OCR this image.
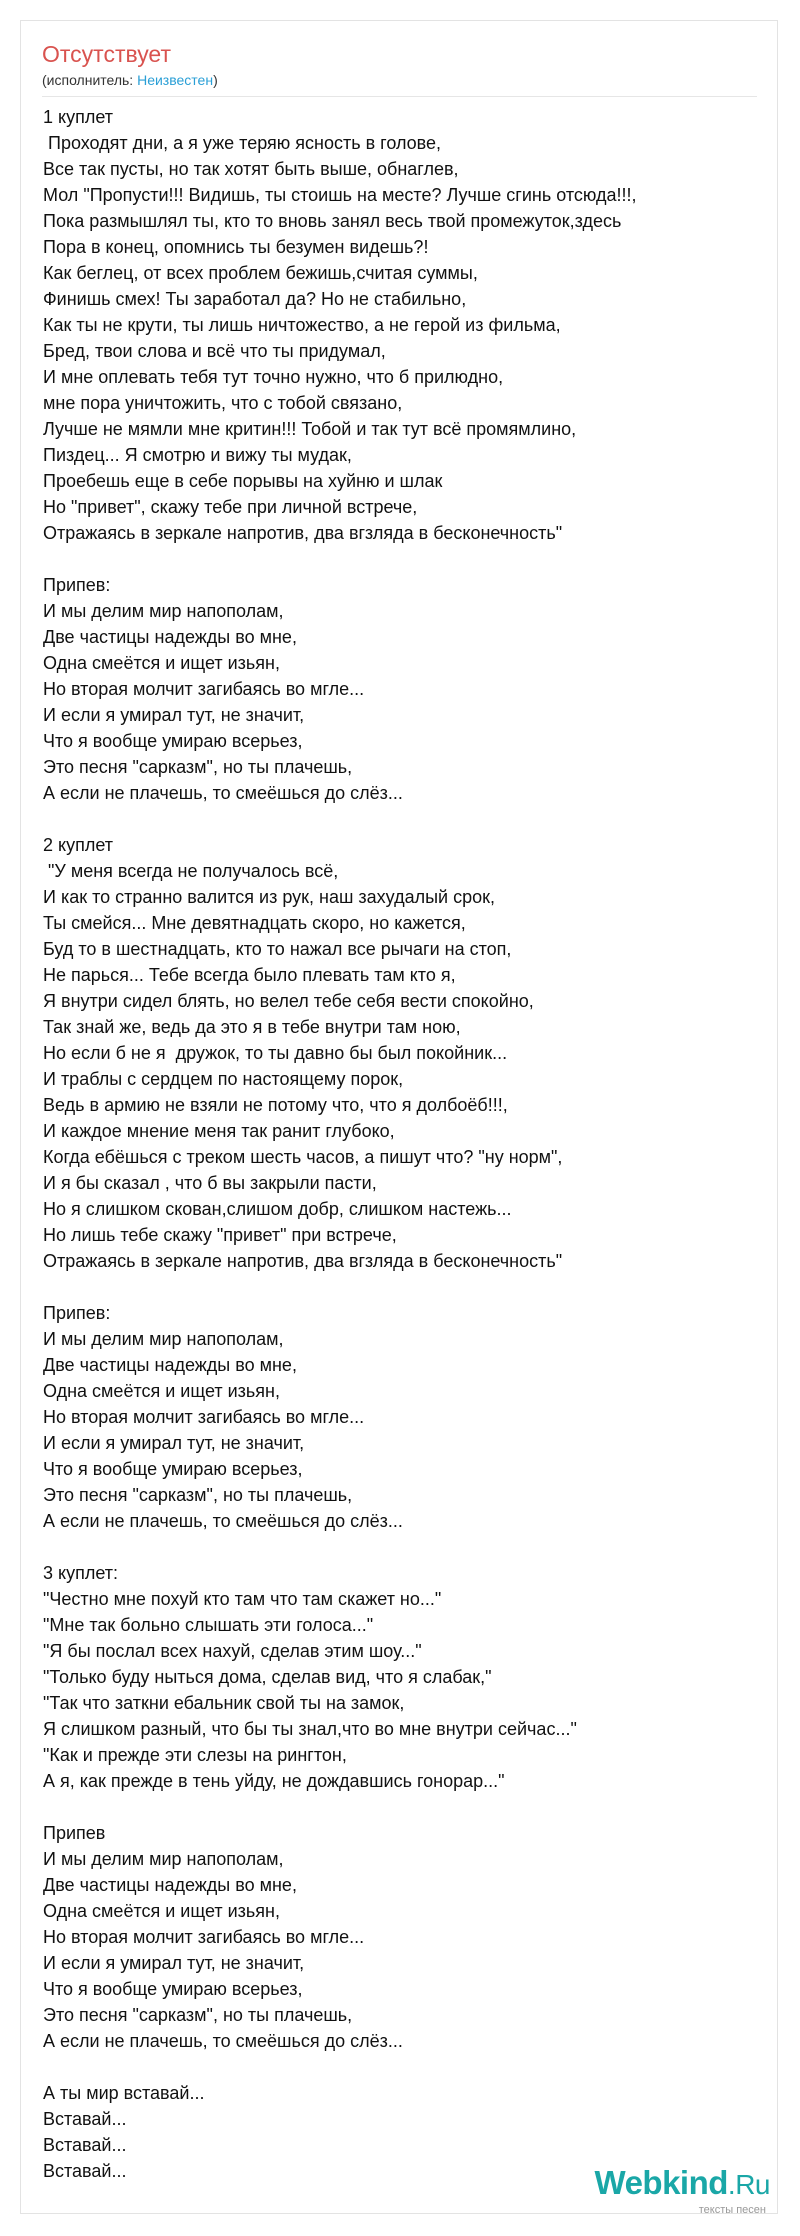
Отсутствует
(исполнитель: Неизвестен)
1 куплет
Проходят дни, а я уже теряю ясность в голове,
Все так пусты, но так хотят быть выше, обнаглев,
Мол "Пропусти!!! Видишь, ты стоишь на месте? Лучше сгинь отсюда!!!,
Пока размышлял ты, кто то вновь занял весь твой промежуток,здесь
Пора в конец, опомнись ты безумен видешь?!
Как беглец, от всех проблем бежишь,считая суммы,
Финишь смех! Ты заработал да? Но не стабильно,
Как ты не крути, ты лишь ничтожество, а не герой из фильма,
Бред, твои слова и всё что ты придумал,
И мне оплевать тебя тут точно нужно, что б прилюдно,
мне пора уничтожить, что с тобой связано,
Лучше не мямли мне критин!!! Тобой и так тут всё промямлино,
Пиздец... Я смотрю и вижу ты мудак,
Проебешь еще в себе порывы на хуйню и шлак
Но "привет", скажу тебе при личной встрече,
Отражаясь в зеркале напротив, два вгзляда в бесконечность"
Припев:
И мы делим мир напополам,
Две частицы надежды во мне,
Одна смеётся и ищет изьян,
Но вторая молчит загибаясь во мгле...
И если я умирал тут, не значит,
Что я вообще умираю всерьез,
Это песня "сарказм", но ты плачешь,
А если не плачешь, то смеёшься до слёз...
2 куплет
"У меня всегда не получалось всё,
И как то странно валится из рук, наш захудалый срок,
Ты смейся... Мне девятнадцать скоро, но кажется,
Буд то в шестнадцать, кто то нажал все рычаги на стоп,
Не парься... Тебе всегда было плевать там кто я,
Я внутри сидел блять, но велел тебе себя вести спокойно,
Так знай же, ведь да это я в тебе внутри там ною,
Но если б не я  дружок, то ты давно бы был покойник...
И траблы с сердцем по настоящему порок,
Ведь в армию не взяли не потому что, что я долбоёб!!!,
И каждое мнение меня так ранит глубоко,
Когда ебёшься с треком шесть часов, а пишут что? "ну норм",
И я бы сказал , что б вы закрыли пасти,
Но я слишком скован,слишом добр, слишком настежь...
Но лишь тебе скажу "привет" при встрече,
Отражаясь в зеркале напротив, два вгзляда в бесконечность"
Припев:
И мы делим мир напополам,
Две частицы надежды во мне,
Одна смеётся и ищет изьян,
Но вторая молчит загибаясь во мгле...
И если я умирал тут, не значит,
Что я вообще умираю всерьез,
Это песня "сарказм", но ты плачешь,
А если не плачешь, то смеёшься до слёз...
3 куплет:
"Честно мне похуй кто там что там скажет но..."
"Мне так больно слышать эти голоса..."
"Я бы послал всех нахуй, сделав этим шоу..."
"Только буду ныться дома, сделав вид, что я слабак,"
"Так что заткни ебальник свой ты на замок,
Я слишком разный, что бы ты знал,что во мне внутри сейчас..."
"Как и прежде эти слезы на рингтон,
А я, как прежде в тень уйду, не дождавшись гонорар..."
Припев
И мы делим мир напополам,
Две частицы надежды во мне,
Одна смеётся и ищет изьян,
Но вторая молчит загибаясь во мгле...
И если я умирал тут, не значит,
Что я вообще умираю всерьез,
Это песня "сарказм", но ты плачешь,
А если не плачешь, то смеёшься до слёз...
А ты мир вставай...
Вставай...
Вставай...
Вставай...	Webkind.Ru
тексты песен
